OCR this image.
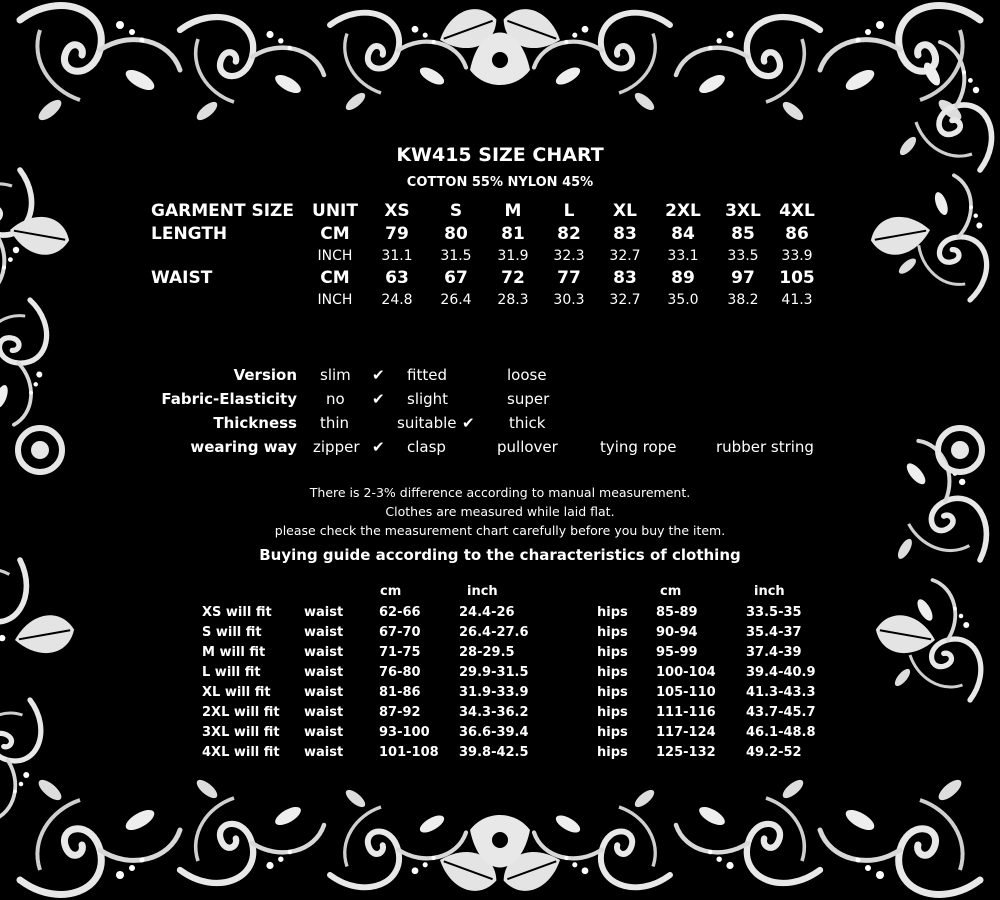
KW415 SIZE CHART
COTTON 55% NYLON 45%
GARMENT SIZE UNIT XS S M L XL 2XL 3XL 4XL
LENGTH	CM 79 80 81 82 83 84 85 86
INCH 31.1 31.5 31.9 32.3 32.7 33.1 33.5 33.9
WAIST	CM 63 67 72 77 83 89 97 105
INCH 24.8 26.4 28.3 30.3 32.7 35.0 38.2 41.3
Version slim ✔ fitted	loose
Fabric-Elasticity no ✔ slight	super
Thickness thin	suitable ✔ thick
wearing way zipper ✔ clasp	pullover	tying rope	rubber string
There is 2-3% difference according to manual measurement.
Clothes are measured while laid flat.
please check the measurement chart carefully before you buy the item.
Buying guide according to the characteristics of clothing
cm	inch	cm	inch
XS will fit waist	62-66	24.4-26	hips 85-89	33.5-35
S will fit	waist	67-70	26.4-27.6	hips 90-94	35.4-37
M will fit	waist	71-75	28-29.5	hips 95-99	37.4-39
L will fit	waist	76-80	29.9-31.5	hips 100-104 39.4-40.9
XL will fit	waist	81-86	31.9-33.9	hips 105-110 41.3-43.3
2XL will fit waist	87-92	34.3-36.2	hips 111-116 43.7-45.7
3XL will fit waist	93-100 36.6-39.4	hips 117-124 46.1-48.8
4XL will fit waist	101-108 39.8-42.5	hips 125-132 49.2-52
